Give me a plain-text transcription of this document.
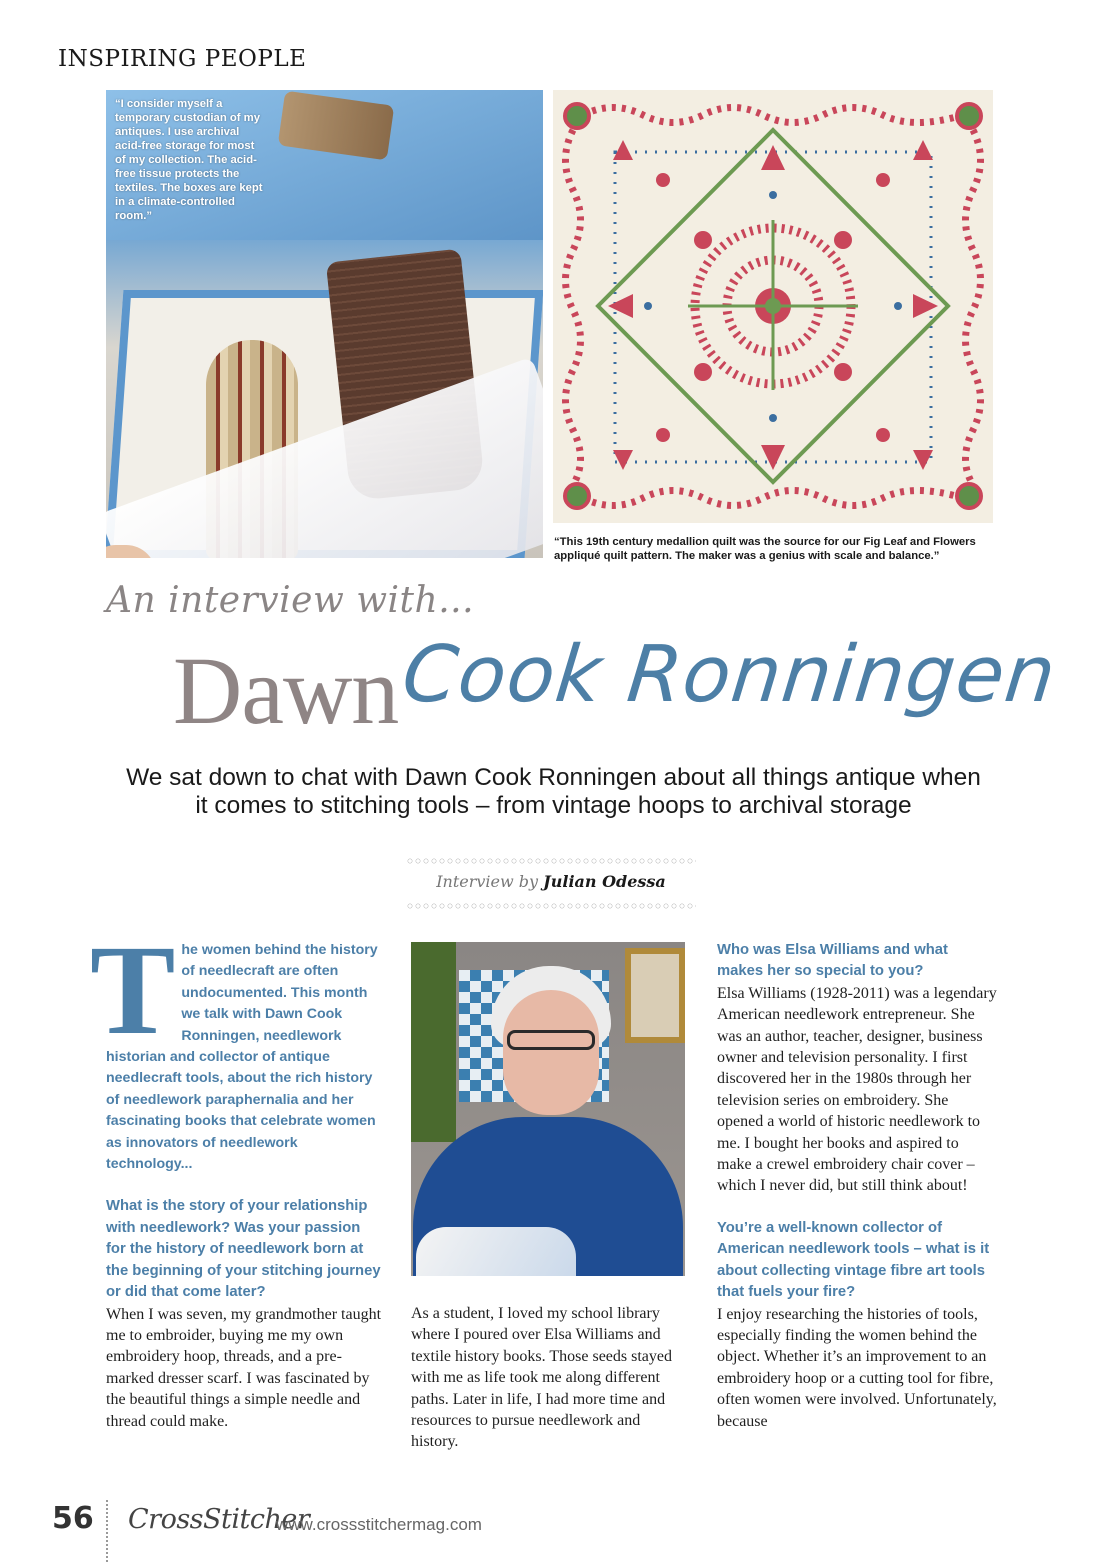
INSPIRING PEOPLE
“I consider myself a temporary custodian of my antiques. I use archival acid-free storage for most of my collection. The acid-free tissue protects the textiles. The boxes are kept in a climate-controlled room.”
“This 19th century medallion quilt was the source for our Fig Leaf and Flowers appliqué quilt pattern. The maker was a genius with scale and balance.”
An interview with...
Dawn Cook Ronningen
We sat down to chat with Dawn Cook Ronningen about all things antique when it comes to stitching tools – from vintage hoops to archival storage
Interview by Julian Odessa
T he women behind the history of needlecraft are often undocumented. This month we talk with Dawn Cook Ronningen, needlework historian and collector of antique needlecraft tools, about the rich history of needlework paraphernalia and her fascinating books that celebrate women as innovators of needlework technology...
What is the story of your relationship with needlework? Was your passion for the history of needlework born at the beginning of your stitching journey or did that come later?
When I was seven, my grandmother taught me to embroider, buying me my own embroidery hoop, threads, and a pre-marked dresser scarf. I was fascinated by the beautiful things a simple needle and thread could make.
As a student, I loved my school library where I poured over Elsa Williams and textile history books. Those seeds stayed with me as life took me along different paths. Later in life, I had more time and resources to pursue needlework and history.
Who was Elsa Williams and what makes her so special to you?
Elsa Williams (1928-2011) was a legendary American needlework entrepreneur. She was an author, teacher, designer, business owner and television personality. I first discovered her in the 1980s through her television series on embroidery. She opened a world of historic needlework to me. I bought her books and aspired to make a crewel embroidery chair cover – which I never did, but still think about!
You’re a well-known collector of American needlework tools – what is it about collecting vintage fibre art tools that fuels your fire?
I enjoy researching the histories of tools, especially finding the women behind the object. Whether it’s an improvement to an embroidery hoop or a cutting tool for fibre, often women were involved. Unfortunately, because
56 CrossStitcher
www.crossstitchermag.com
